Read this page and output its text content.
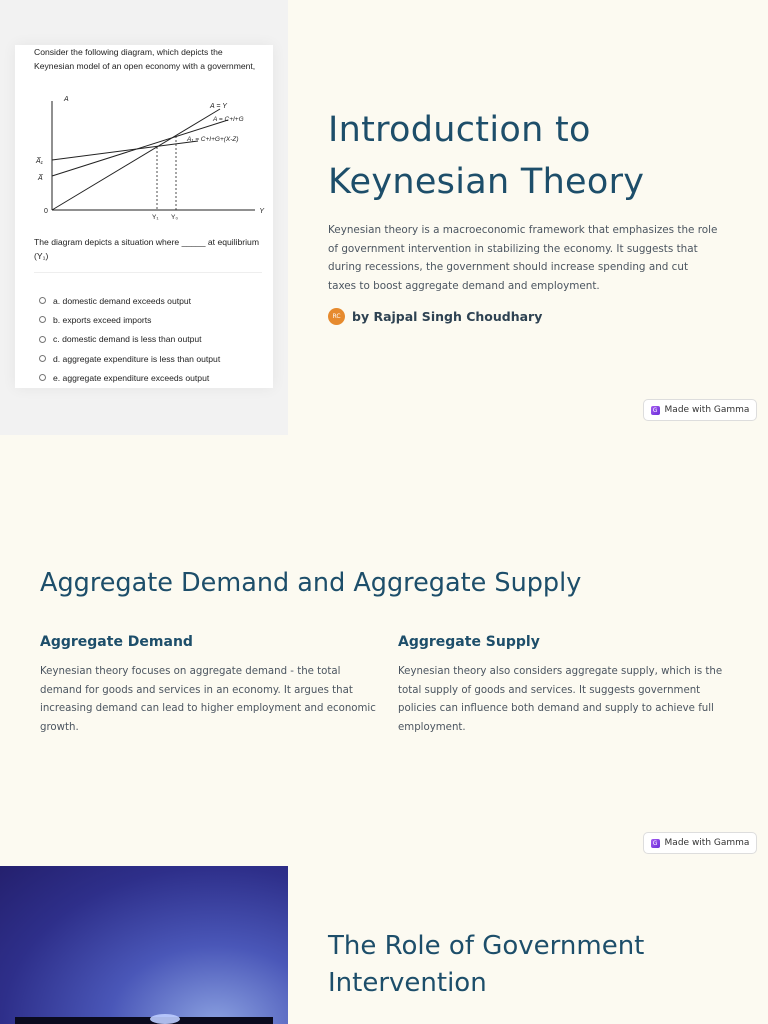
Consider the following diagram, which depicts the Keynesian model of an open economy with a government,

A
Y
0
A = Y
A = C+I+G
A₁ = C+I+G+(X-Z)
A̅₁
A̅
Y₁ Y₀

The diagram depicts a situation where _____ at equilibrium (Y₁)

a. domestic demand exceeds output
b. exports exceed imports
c. domestic demand is less than output
d. aggregate expenditure is less than output
e. aggregate expenditure exceeds output
Introduction to Keynesian Theory

Keynesian theory is a macroeconomic framework that emphasizes the role of government intervention in stabilizing the economy. It suggests that during recessions, the government should increase spending and cut taxes to boost aggregate demand and employment.

RC by Rajpal Singh Choudhary
G Made with Gamma
Aggregate Demand and Aggregate Supply
Aggregate Demand

Keynesian theory focuses on aggregate demand - the total demand for goods and services in an economy. It argues that increasing demand can lead to higher employment and economic growth.

Aggregate Supply

Keynesian theory also considers aggregate supply, which is the total supply of goods and services. It suggests government policies can influence both demand and supply to achieve full employment.

G Made with Gamma
The Role of Government Intervention
